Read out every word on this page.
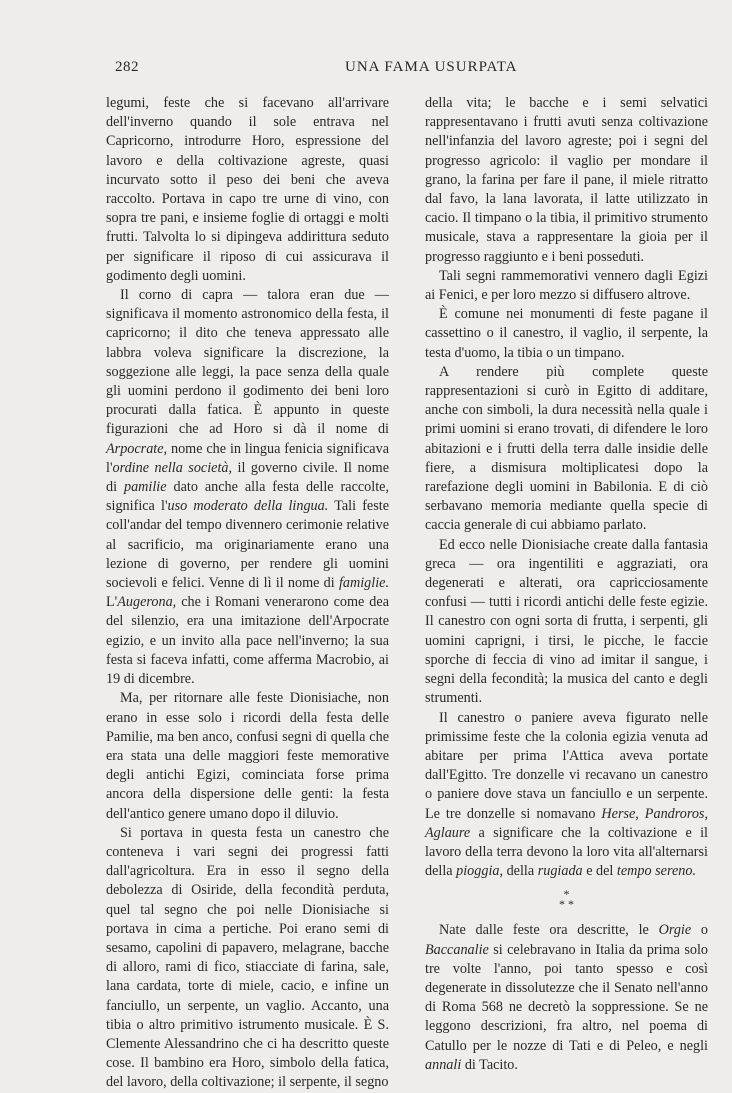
282	UNA FAMA USURPATA

legumi, feste che si facevano all'arrivare dell'inverno quando il sole entrava nel Capricorno, introdurre Horo, espressione del lavoro e della coltivazione agreste, quasi incurvato sotto il peso dei beni che aveva raccolto. Portava in capo tre urne di vino, con sopra tre pani, e insieme foglie di ortaggi e molti frutti. Talvolta lo si dipingeva addirittura seduto per significare il riposo di cui assicurava il godimento degli uomini.

Il corno di capra — talora eran due — significava il momento astronomico della festa, il capricorno; il dito che teneva appressato alle labbra voleva significare la discrezione, la soggezione alle leggi, la pace senza della quale gli uomini perdono il godimento dei beni loro procurati dalla fatica. È appunto in queste figurazioni che ad Horo si dà il nome di Arpocrate, nome che in lingua fenicia significava l'ordine nella società, il governo civile. Il nome di pamilie dato anche alla festa delle raccolte, significa l'uso moderato della lingua. Tali feste coll'andar del tempo divennero cerimonie relative al sacrificio, ma originariamente erano una lezione di governo, per rendere gli uomini socievoli e felici. Venne di lì il nome di famiglie. L'Augerona, che i Romani venerarono come dea del silenzio, era una imitazione dell'Arpocrate egizio, e un invito alla pace nell'inverno; la sua festa si faceva infatti, come afferma Macrobio, ai 19 di dicembre.

Ma, per ritornare alle feste Dionisiache, non erano in esse solo i ricordi della festa delle Pamilie, ma ben anco, confusi segni di quella che era stata una delle maggiori feste memorative degli antichi Egizi, cominciata forse prima ancora della dispersione delle genti: la festa dell'antico genere umano dopo il diluvio.

Si portava in questa festa un canestro che conteneva i vari segni dei progressi fatti dall'agricoltura. Era in esso il segno della debolezza di Osiride, della fecondità perduta, quel tal segno che poi nelle Dionisiache si portava in cima a pertiche. Poi erano semi di sesamo, capolini di papavero, melagrane, bacche di alloro, rami di fico, stiacciate di farina, sale, lana cardata, torte di miele, cacio, e infine un fanciullo, un serpente, un vaglio. Accanto, una tibia o altro primitivo istrumento musicale. È S. Clemente Alessandrino che ci ha descritto queste cose. Il bambino era Horo, simbolo della fatica, del lavoro, della coltivazione; il serpente, il segno

della vita; le bacche e i semi selvatici rappresentavano i frutti avuti senza coltivazione nell'infanzia del lavoro agreste; poi i segni del progresso agricolo: il vaglio per mondare il grano, la farina per fare il pane, il miele ritratto dal favo, la lana lavorata, il latte utilizzato in cacio. Il timpano o la tibia, il primitivo strumento musicale, stava a rappresentare la gioia per il progresso raggiunto e i beni posseduti.

Tali segni rammemorativi vennero dagli Egizi ai Fenici, e per loro mezzo si diffusero altrove.

È comune nei monumenti di feste pagane il cassettino o il canestro, il vaglio, il serpente, la testa d'uomo, la tibia o un timpano.

A rendere più complete queste rappresentazioni si curò in Egitto di additare, anche con simboli, la dura necessità nella quale i primi uomini si erano trovati, di difendere le loro abitazioni e i frutti della terra dalle insidie delle fiere, a dismisura moltiplicatesi dopo la rarefazione degli uomini in Babilonia. E di ciò serbavano memoria mediante quella specie di caccia generale di cui abbiamo parlato.

Ed ecco nelle Dionisiache create dalla fantasia greca — ora ingentiliti e aggraziati, ora degenerati e alterati, ora capricciosamente confusi — tutti i ricordi antichi delle feste egizie. Il canestro con ogni sorta di frutta, i serpenti, gli uomini caprigni, i tirsi, le picche, le faccie sporche di feccia di vino ad imitar il sangue, i segni della fecondità; la musica del canto e degli strumenti.

Il canestro o paniere aveva figurato nelle primissime feste che la colonia egizia venuta ad abitare per prima l'Attica aveva portate dall'Egitto. Tre donzelle vi recavano un canestro o paniere dove stava un fanciullo e un serpente. Le tre donzelle si nomavano Herse, Pandroros, Aglaure a significare che la coltivazione e il lavoro della terra devono la loro vita all'alternarsi della pioggia, della rugiada e del tempo sereno.

*
* *

Nate dalle feste ora descritte, le Orgie o Baccanalie si celebravano in Italia da prima solo tre volte l'anno, poi tanto spesso e così degenerate in dissolutezze che il Senato nell'anno di Roma 568 ne decretò la soppressione. Se ne leggono descrizioni, fra altro, nel poema di Catullo per le nozze di Tati e di Peleo, e negli annali di Tacito.
